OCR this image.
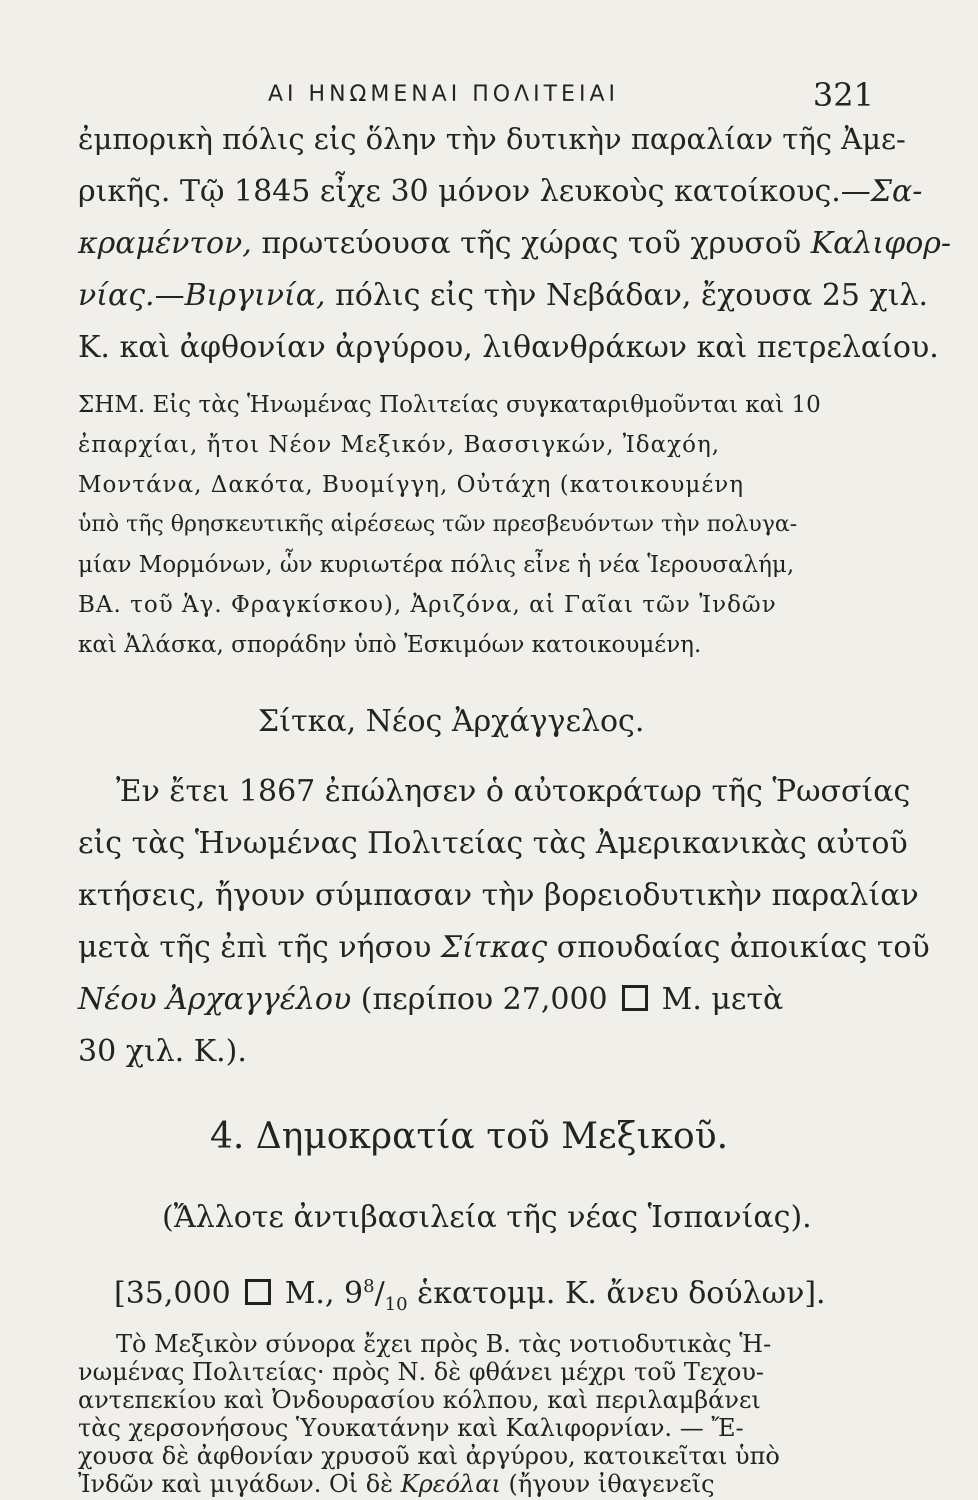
ΑΙ ΗΝΩΜΕΝΑΙ ΠΟΛΙΤΕΙΑΙ	321
ἐμπορικὴ πόλις εἰς ὅλην τὴν δυτικὴν παραλίαν τῆς Ἀμε-
ρικῆς. Τῷ 1845 εἶχε 30 μόνον λευκοὺς κατοίκους.—Σα-
κραμέντον, πρωτεύουσα τῆς χώρας τοῦ χρυσοῦ Καλιφορ-
νίας.—Βιργινία, πόλις εἰς τὴν Νεβάδαν, ἔχουσα 25 χιλ.
Κ. καὶ ἀφθονίαν ἀργύρου, λιθανθράκων καὶ πετρελαίου.
ΣΗΜ. Εἰς τὰς Ἡνωμένας Πολιτείας συγκαταριθμοῦνται καὶ 10
ἐπαρχίαι, ἤτοι Νέον Μεξικόν, Βασσιγκών, Ἰδαχόη,
Μοντάνα, Δακότα, Βυομίγγη, Οὐτάχη (κατοικουμένη
ὑπὸ τῆς θρησκευτικῆς αἱρέσεως τῶν πρεσβευόντων τὴν πολυγα-
μίαν Μορμόνων, ὧν κυριωτέρα πόλις εἶνε ἡ νέα Ἱερουσαλήμ,
ΒΑ. τοῦ Ἁγ. Φραγκίσκου), Ἀριζόνα, αἱ Γαῖαι τῶν Ἰνδῶν
καὶ Ἀλάσκα, σποράδην ὑπὸ Ἐσκιμόων κατοικουμένη.
Σίτκα, Νέος Ἀρχάγγελος.
Ἐν ἔτει 1867 ἐπώλησεν ὁ αὐτοκράτωρ τῆς Ῥωσσίας
εἰς τὰς Ἡνωμένας Πολιτείας τὰς Ἀμερικανικὰς αὐτοῦ
κτήσεις, ἤγουν σύμπασαν τὴν βορειοδυτικὴν παραλίαν
μετὰ τῆς ἐπὶ τῆς νήσου Σίτκας σπουδαίας ἀποικίας τοῦ
Νέου Ἀρχαγγέλου (περίπου 27,000 Μ. μετὰ
30 χιλ. Κ.).
4. Δημοκρατία τοῦ Μεξικοῦ.
(Ἄλλοτε ἀντιβασιλεία τῆς νέας Ἱσπανίας).
[35,000 Μ., $9^8/_{10}$ ἑκατομμ. Κ. ἄνευ δούλων].
Τὸ Μεξικὸν σύνορα ἔχει πρὸς Β. τὰς νοτιοδυτικὰς Ἡ-
νωμένας Πολιτείας· πρὸς Ν. δὲ φθάνει μέχρι τοῦ Τεχου-
αντεπεκίου καὶ Ὀνδουρασίου κόλπου, καὶ περιλαμβάνει
τὰς χερσονήσους Ὑουκατάνην καὶ Καλιφορνίαν. — Ἔ-
χουσα δὲ ἀφθονίαν χρυσοῦ καὶ ἀργύρου, κατοικεῖται ὑπὸ
Ἰνδῶν καὶ μιγάδων. Οἱ δὲ Κρεόλαι (ἤγουν ἰθαγενεῖς
